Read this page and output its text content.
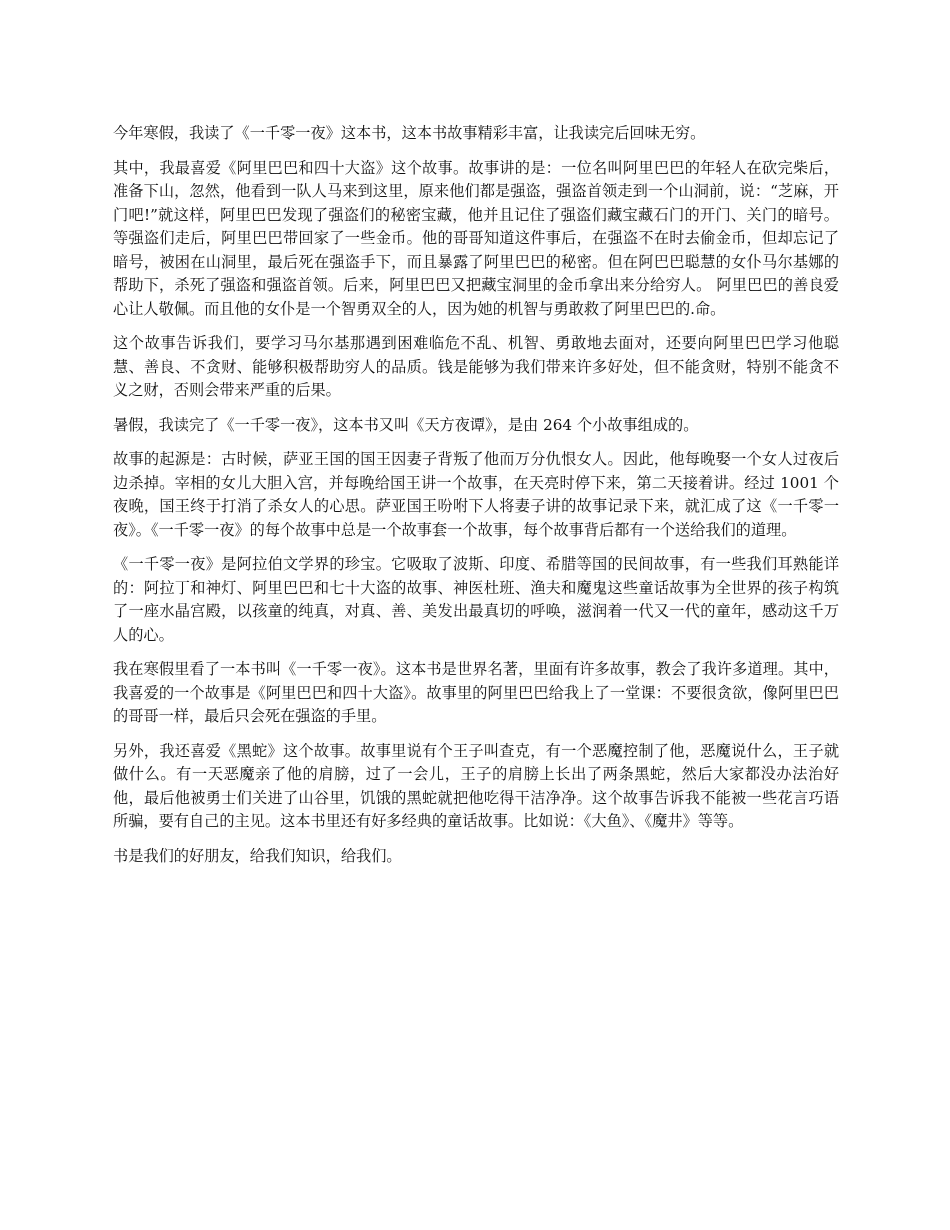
今年寒假，我读了《一千零一夜》这本书，这本书故事精彩丰富，让我读完后回味无穷。

其中，我最喜爱《阿里巴巴和四十大盗》这个故事。故事讲的是：一位名叫阿里巴巴的年轻人在砍完柴后，准备下山，忽然，他看到一队人马来到这里，原来他们都是强盗，强盗首领走到一个山洞前，说：“芝麻，开门吧!”就这样，阿里巴巴发现了强盗们的秘密宝藏，他并且记住了强盗们藏宝藏石门的开门、关门的暗号。等强盗们走后，阿里巴巴带回家了一些金币。他的哥哥知道这件事后，在强盗不在时去偷金币，但却忘记了暗号，被困在山洞里，最后死在强盗手下，而且暴露了阿里巴巴的秘密。但在阿巴巴聪慧的女仆马尔基娜的帮助下，杀死了强盗和强盗首领。后来，阿里巴巴又把藏宝洞里的金币拿出来分给穷人。 阿里巴巴的善良爱心让人敬佩。而且他的女仆是一个智勇双全的人，因为她的机智与勇敢救了阿里巴巴的.命。

这个故事告诉我们，要学习马尔基那遇到困难临危不乱、机智、勇敢地去面对，还要向阿里巴巴学习他聪慧、善良、不贪财、能够积极帮助穷人的品质。钱是能够为我们带来许多好处，但不能贪财，特别不能贪不义之财，否则会带来严重的后果。

暑假，我读完了《一千零一夜》，这本书又叫《天方夜谭》，是由 264 个小故事组成的。

故事的起源是：古时候，萨亚王国的国王因妻子背叛了他而万分仇恨女人。因此，他每晚娶一个女人过夜后边杀掉。宰相的女儿大胆入宫，并每晚给国王讲一个故事，在天亮时停下来，第二天接着讲。经过 1001 个夜晚，国王终于打消了杀女人的心思。萨亚国王吩咐下人将妻子讲的故事记录下来，就汇成了这《一千零一夜》。《一千零一夜》的每个故事中总是一个故事套一个故事，每个故事背后都有一个送给我们的道理。

《一千零一夜》是阿拉伯文学界的珍宝。它吸取了波斯、印度、希腊等国的民间故事，有一些我们耳熟能详的：阿拉丁和神灯、阿里巴巴和七十大盗的故事、神医杜班、渔夫和魔鬼这些童话故事为全世界的孩子构筑了一座水晶宫殿，以孩童的纯真，对真、善、美发出最真切的呼唤，滋润着一代又一代的童年，感动这千万人的心。

我在寒假里看了一本书叫《一千零一夜》。这本书是世界名著，里面有许多故事，教会了我许多道理。其中，我喜爱的一个故事是《阿里巴巴和四十大盗》。故事里的阿里巴巴给我上了一堂课：不要很贪欲，像阿里巴巴的哥哥一样，最后只会死在强盗的手里。

另外，我还喜爱《黑蛇》这个故事。故事里说有个王子叫查克，有一个恶魔控制了他，恶魔说什么，王子就做什么。有一天恶魔亲了他的肩膀，过了一会儿，王子的肩膀上长出了两条黑蛇，然后大家都没办法治好他，最后他被勇士们关进了山谷里，饥饿的黑蛇就把他吃得干洁净净。这个故事告诉我不能被一些花言巧语所骗，要有自己的主见。这本书里还有好多经典的童话故事。比如说：《大鱼》、《魔井》等等。

书是我们的好朋友，给我们知识，给我们。
